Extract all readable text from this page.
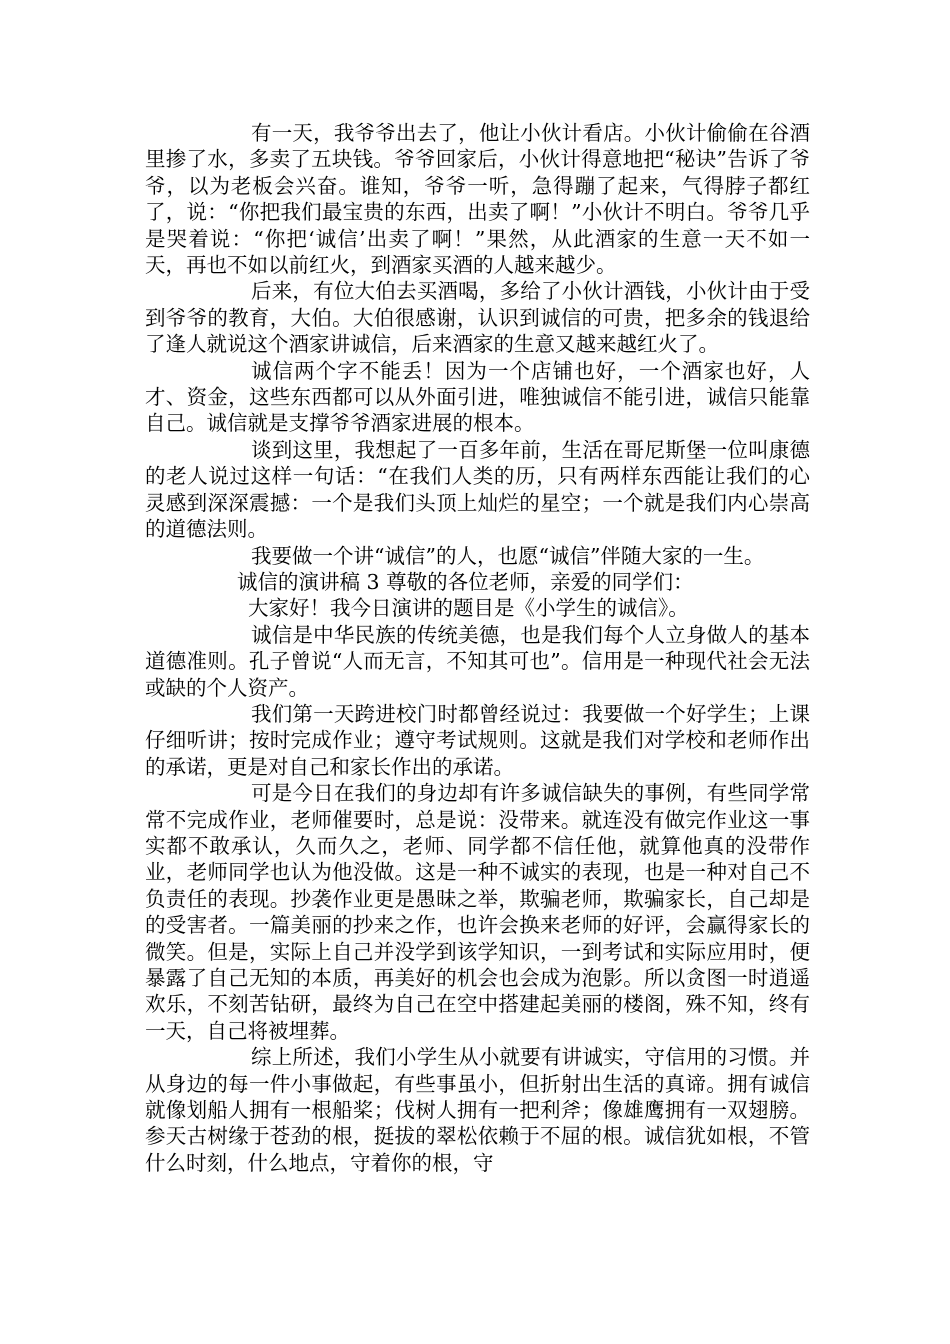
有一天，我爷爷出去了，他让小伙计看店。小伙计偷偷在谷酒里掺了水，多卖了五块钱。爷爷回家后，小伙计得意地把“秘诀”告诉了爷爷，以为老板会兴奋。谁知，爷爷一听，急得蹦了起来，气得脖子都红了，说：“你把我们最宝贵的东西，出卖了啊！”小伙计不明白。爷爷几乎是哭着说：“你把‘诚信’出卖了啊！”果然，从此酒家的生意一天不如一天，再也不如以前红火，到酒家买酒的人越来越少。

后来，有位大伯去买酒喝，多给了小伙计酒钱，小伙计由于受到爷爷的教育，大伯。大伯很感谢，认识到诚信的可贵，把多余的钱退给了逢人就说这个酒家讲诚信，后来酒家的生意又越来越红火了。

诚信两个字不能丢！因为一个店铺也好，一个酒家也好，人才、资金，这些东西都可以从外面引进，唯独诚信不能引进，诚信只能靠自己。诚信就是支撑爷爷酒家进展的根本。

谈到这里，我想起了一百多年前，生活在哥尼斯堡一位叫康德的老人说过这样一句话：“在我们人类的历，只有两样东西能让我们的心灵感到深深震撼：一个是我们头顶上灿烂的星空；一个就是我们内心崇高的道德法则。

我要做一个讲“诚信”的人，也愿“诚信”伴随大家的一生。

诚信的演讲稿 3 尊敬的各位老师，亲爱的同学们：

大家好！我今日演讲的题目是《小学生的诚信》。

诚信是中华民族的传统美德，也是我们每个人立身做人的基本道德准则。孔子曾说“人而无言，不知其可也”。信用是一种现代社会无法或缺的个人资产。

我们第一天跨进校门时都曾经说过：我要做一个好学生；上课仔细听讲；按时完成作业；遵守考试规则。这就是我们对学校和老师作出的承诺，更是对自己和家长作出的承诺。

可是今日在我们的身边却有许多诚信缺失的事例，有些同学常常不完成作业，老师催要时，总是说：没带来。就连没有做完作业这一事实都不敢承认，久而久之，老师、同学都不信任他，就算他真的没带作业，老师同学也认为他没做。这是一种不诚实的表现，也是一种对自己不负责任的表现。抄袭作业更是愚昧之举，欺骗老师，欺骗家长，自己却是的受害者。一篇美丽的抄来之作，也许会换来老师的好评，会赢得家长的微笑。但是，实际上自己并没学到该学知识，一到考试和实际应用时，便暴露了自己无知的本质，再美好的机会也会成为泡影。所以贪图一时逍遥欢乐，不刻苦钻研，最终为自己在空中搭建起美丽的楼阁，殊不知，终有一天，自己将被埋葬。

综上所述，我们小学生从小就要有讲诚实，守信用的习惯。并从身边的每一件小事做起，有些事虽小，但折射出生活的真谛。拥有诚信就像划船人拥有一根船桨；伐树人拥有一把利斧；像雄鹰拥有一双翅膀。参天古树缘于苍劲的根，挺拔的翠松依赖于不屈的根。诚信犹如根，不管什么时刻，什么地点，守着你的根，守
